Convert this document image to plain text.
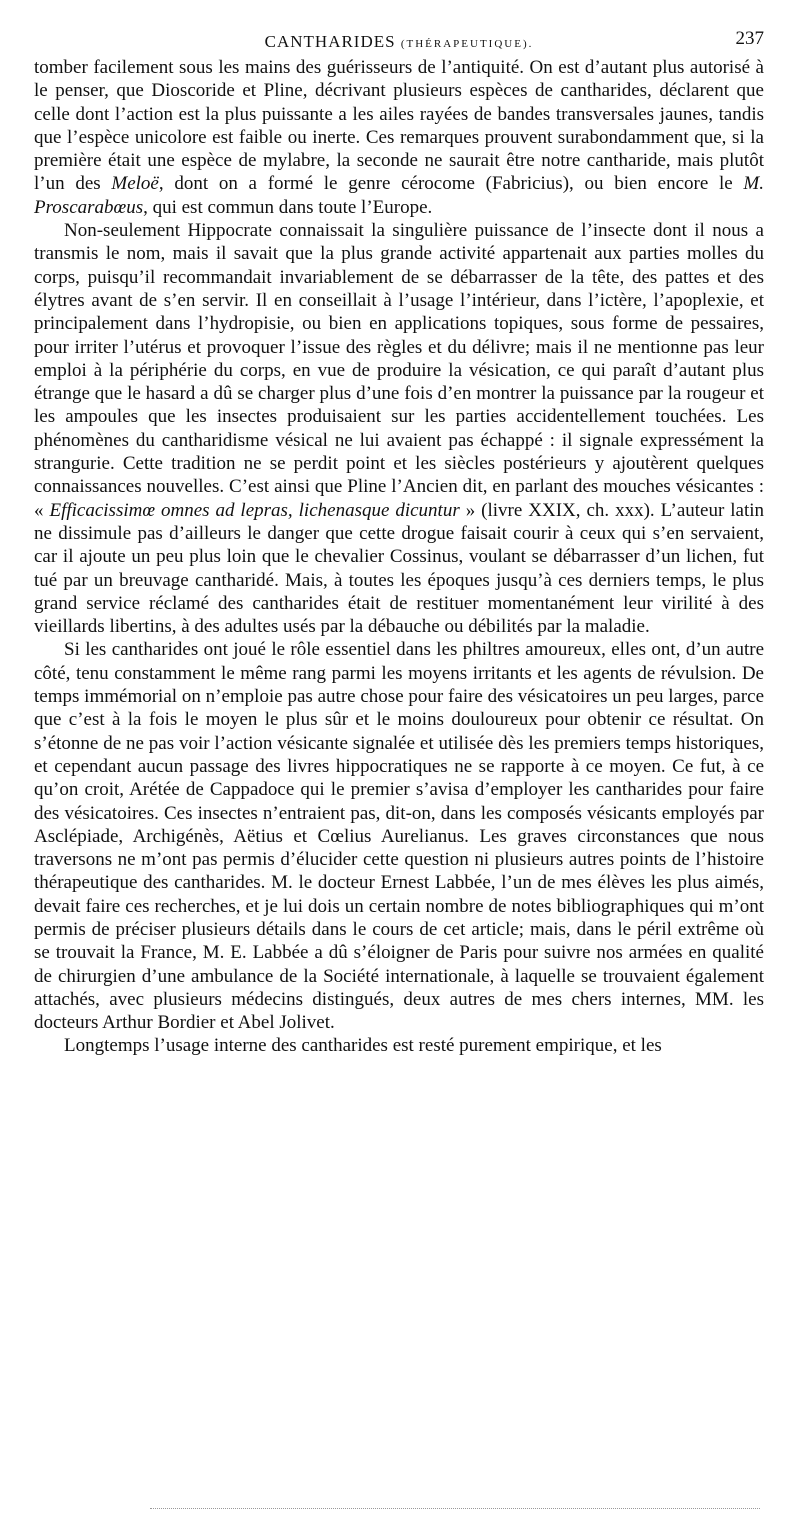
CANTHARIDES (THÉRAPEUTIQUE).	237

tomber facilement sous les mains des guérisseurs de l’antiquité. On est d’autant plus autorisé à le penser, que Dioscoride et Pline, décrivant plusieurs espèces de cantharides, déclarent que celle dont l’action est la plus puissante a les ailes rayées de bandes transversales jaunes, tandis que l’espèce unicolore est faible ou inerte. Ces remarques prouvent surabondamment que, si la première était une espèce de mylabre, la seconde ne saurait être notre cantharide, mais plutôt l’un des Meloë, dont on a formé le genre cérocome (Fabricius), ou bien encore le M. Proscarabœus, qui est commun dans toute l’Europe.

Non-seulement Hippocrate connaissait la singulière puissance de l’insecte dont il nous a transmis le nom, mais il savait que la plus grande activité appartenait aux parties molles du corps, puisqu’il recommandait invariablement de se débarrasser de la tête, des pattes et des élytres avant de s’en servir. Il en conseillait à l’usage l’intérieur, dans l’ictère, l’apoplexie, et principalement dans l’hydropisie, ou bien en applications topiques, sous forme de pessaires, pour irriter l’utérus et provoquer l’issue des règles et du délivre; mais il ne mentionne pas leur emploi à la périphérie du corps, en vue de produire la vésication, ce qui paraît d’autant plus étrange que le hasard a dû se charger plus d’une fois d’en montrer la puissance par la rougeur et les ampoules que les insectes produisaient sur les parties accidentellement touchées. Les phénomènes du cantharidisme vésical ne lui avaient pas échappé : il signale expressément la strangurie. Cette tradition ne se perdit point et les siècles postérieurs y ajoutèrent quelques connaissances nouvelles. C’est ainsi que Pline l’Ancien dit, en parlant des mouches vésicantes : « Efficacissimœ omnes ad lepras, lichenasque dicuntur » (livre XXIX, ch. xxx). L’auteur latin ne dissimule pas d’ailleurs le danger que cette drogue faisait courir à ceux qui s’en servaient, car il ajoute un peu plus loin que le chevalier Cossinus, voulant se débarrasser d’un lichen, fut tué par un breuvage cantharidé. Mais, à toutes les époques jusqu’à ces derniers temps, le plus grand service réclamé des cantharides était de restituer momentanément leur virilité à des vieillards libertins, à des adultes usés par la débauche ou débilités par la maladie.

Si les cantharides ont joué le rôle essentiel dans les philtres amoureux, elles ont, d’un autre côté, tenu constamment le même rang parmi les moyens irritants et les agents de révulsion. De temps immémorial on n’emploie pas autre chose pour faire des vésicatoires un peu larges, parce que c’est à la fois le moyen le plus sûr et le moins douloureux pour obtenir ce résultat. On s’étonne de ne pas voir l’action vésicante signalée et utilisée dès les premiers temps historiques, et cependant aucun passage des livres hippocratiques ne se rapporte à ce moyen. Ce fut, à ce qu’on croit, Arétée de Cappadoce qui le premier s’avisa d’employer les cantharides pour faire des vésicatoires. Ces insectes n’entraient pas, dit-on, dans les composés vésicants employés par Asclépiade, Archigénès, Aëtius et Cœlius Aurelianus. Les graves circonstances que nous traversons ne m’ont pas permis d’élucider cette question ni plusieurs autres points de l’histoire thérapeutique des cantharides. M. le docteur Ernest Labbée, l’un de mes élèves les plus aimés, devait faire ces recherches, et je lui dois un certain nombre de notes bibliographiques qui m’ont permis de préciser plusieurs détails dans le cours de cet article; mais, dans le péril extrême où se trouvait la France, M. E. Labbée a dû s’éloigner de Paris pour suivre nos armées en qualité de chirurgien d’une ambulance de la Société internationale, à laquelle se trouvaient également attachés, avec plusieurs médecins distingués, deux autres de mes chers internes, MM. les docteurs Arthur Bordier et Abel Jolivet.

Longtemps l’usage interne des cantharides est resté purement empirique, et les
